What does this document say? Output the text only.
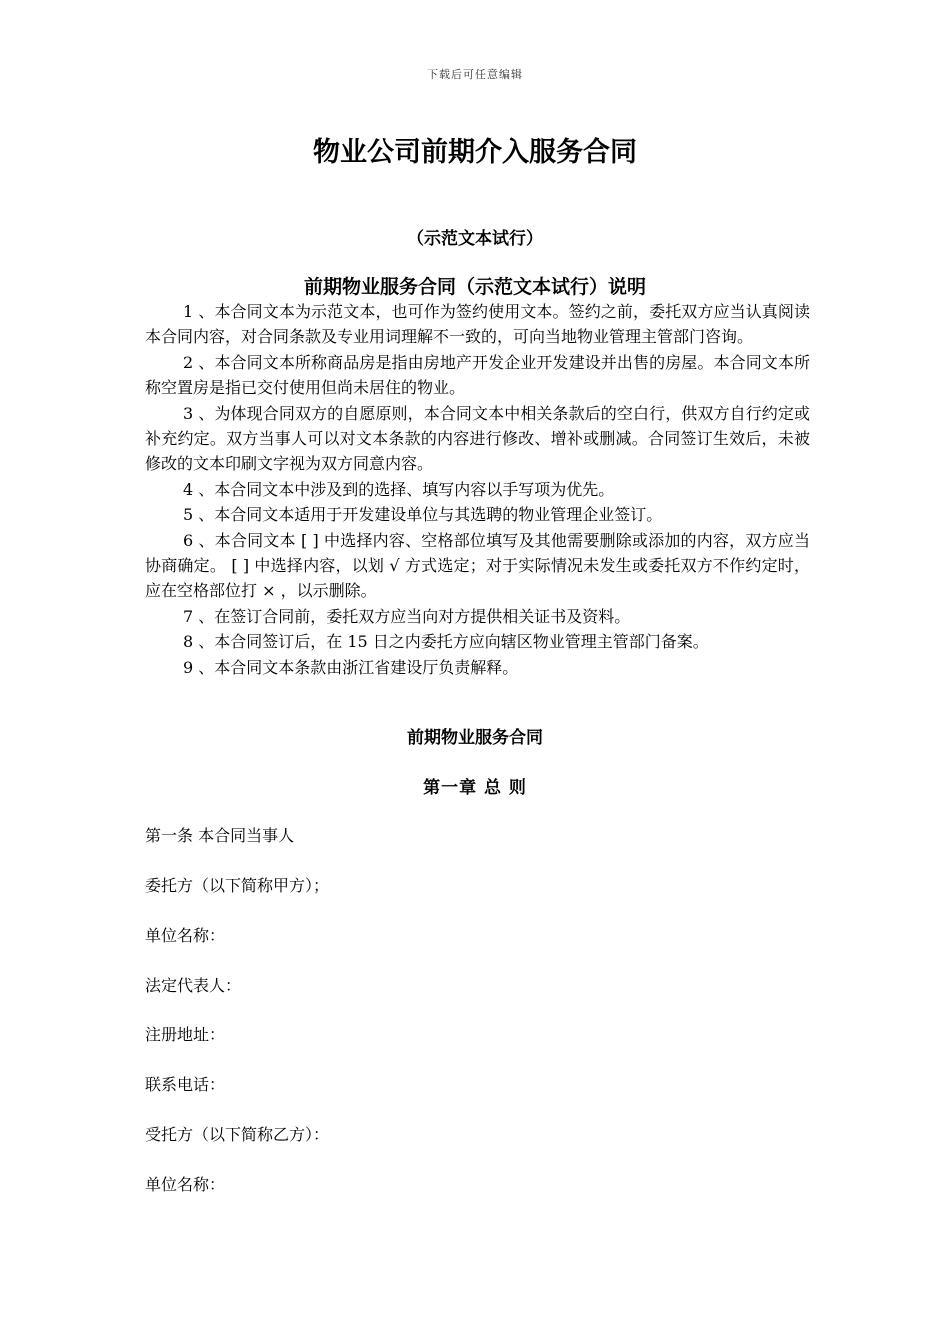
下载后可任意编辑
物业公司前期介入服务合同
（示范文本试行）
前期物业服务合同（示范文本试行）说明

1 、本合同文本为示范文本，也可作为签约使用文本。签约之前，委托双方应当认真阅读本合同内容，对合同条款及专业用词理解不一致的，可向当地物业管理主管部门咨询。

2 、本合同文本所称商品房是指由房地产开发企业开发建设并出售的房屋。本合同文本所称空置房是指已交付使用但尚未居住的物业。

3 、为体现合同双方的自愿原则，本合同文本中相关条款后的空白行，供双方自行约定或补充约定。双方当事人可以对文本条款的内容进行修改、增补或删减。合同签订生效后，未被修改的文本印刷文字视为双方同意内容。

4 、本合同文本中涉及到的选择、填写内容以手写项为优先。

5 、本合同文本适用于开发建设单位与其选聘的物业管理企业签订。

6 、本合同文本 [ ] 中选择内容、空格部位填写及其他需要删除或添加的内容，双方应当协商确定。 [ ] 中选择内容，以划 √ 方式选定；对于实际情况未发生或委托双方不作约定时，应在空格部位打 × ，以示删除。

7 、在签订合同前，委托双方应当向对方提供相关证书及资料。

8 、本合同签订后，在 15 日之内委托方应向辖区物业管理主管部门备案。

9 、本合同文本条款由浙江省建设厅负责解释。

前期物业服务合同
第一章 总 则
第一条 本合同当事人
委托方（以下简称甲方）；
单位名称：
法定代表人：
注册地址：
联系电话：
受托方（以下简称乙方）：
单位名称：
